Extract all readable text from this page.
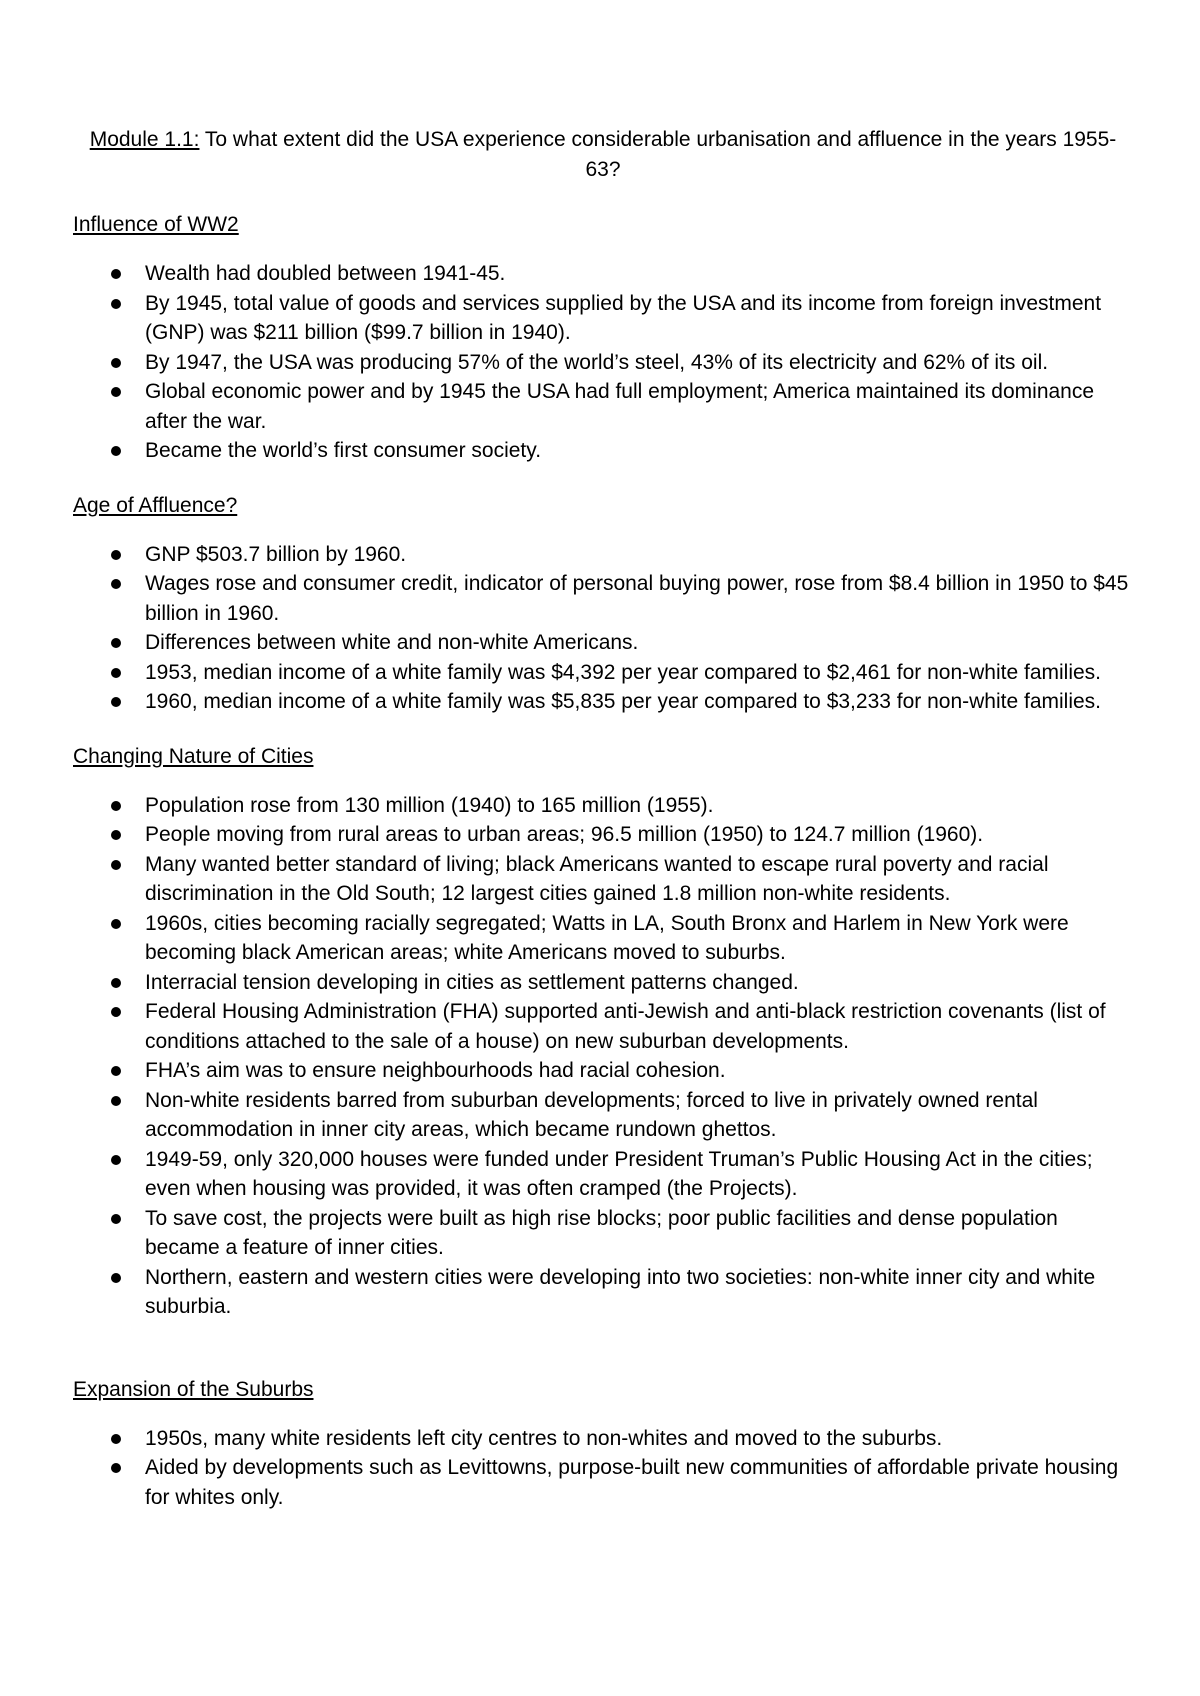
Module 1.1: To what extent did the USA experience considerable urbanisation and affluence in the years 1955-63?

Influence of WW2

Wealth had doubled between 1941-45.
By 1945, total value of goods and services supplied by the USA and its income from foreign investment (GNP) was $211 billion ($99.7 billion in 1940).
By 1947, the USA was producing 57% of the world’s steel, 43% of its electricity and 62% of its oil.
Global economic power and by 1945 the USA had full employment; America maintained its dominance after the war.
Became the world’s first consumer society.

Age of Affluence?

GNP $503.7 billion by 1960.
Wages rose and consumer credit, indicator of personal buying power, rose from $8.4 billion in 1950 to $45 billion in 1960.
Differences between white and non-white Americans.
1953, median income of a white family was $4,392 per year compared to $2,461 for non-white families.
1960, median income of a white family was $5,835 per year compared to $3,233 for non-white families.

Changing Nature of Cities

Population rose from 130 million (1940) to 165 million (1955).
People moving from rural areas to urban areas; 96.5 million (1950) to 124.7 million (1960).
Many wanted better standard of living; black Americans wanted to escape rural poverty and racial discrimination in the Old South; 12 largest cities gained 1.8 million non-white residents.
1960s, cities becoming racially segregated; Watts in LA, South Bronx and Harlem in New York were becoming black American areas; white Americans moved to suburbs.
Interracial tension developing in cities as settlement patterns changed.
Federal Housing Administration (FHA) supported anti-Jewish and anti-black restriction covenants (list of conditions attached to the sale of a house) on new suburban developments.
FHA’s aim was to ensure neighbourhoods had racial cohesion.
Non-white residents barred from suburban developments; forced to live in privately owned rental accommodation in inner city areas, which became rundown ghettos.
1949-59, only 320,000 houses were funded under President Truman’s Public Housing Act in the cities; even when housing was provided, it was often cramped (the Projects).
To save cost, the projects were built as high rise blocks; poor public facilities and dense population became a feature of inner cities.
Northern, eastern and western cities were developing into two societies: non-white inner city and white suburbia.

Expansion of the Suburbs

1950s, many white residents left city centres to non-whites and moved to the suburbs.
Aided by developments such as Levittowns, purpose-built new communities of affordable private housing for whites only.
